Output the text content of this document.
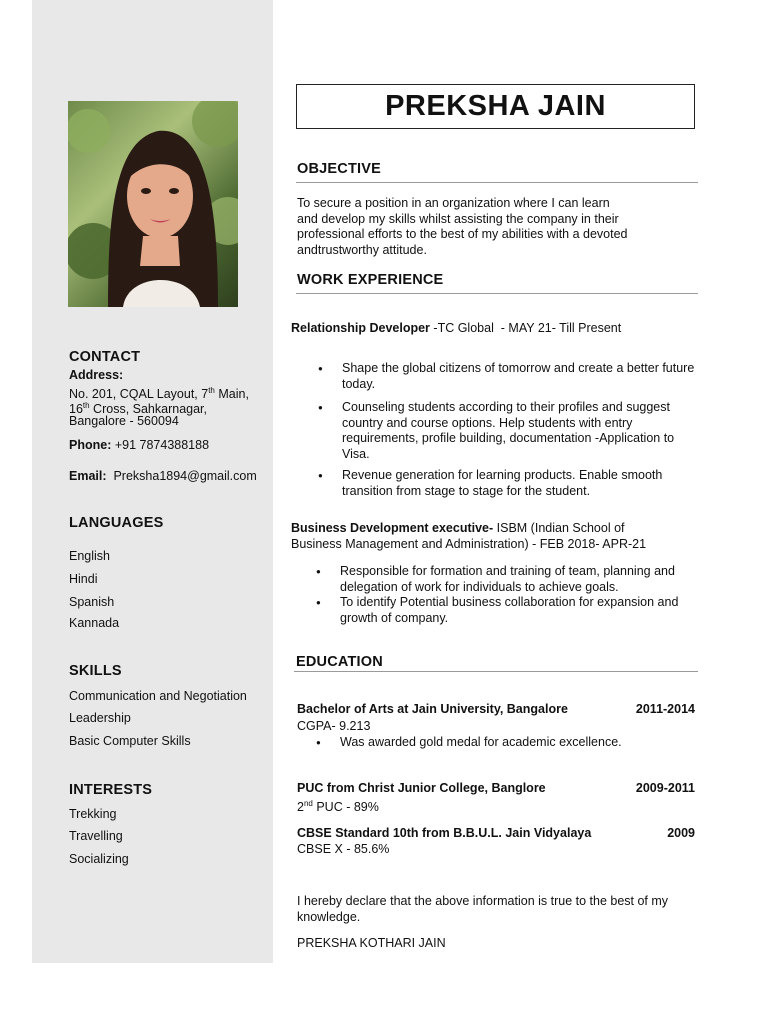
CONTACT
Address:
No. 201, CQAL Layout, 7th Main,
16th Cross, Sahkarnagar,
Bangalore - 560094
Phone: +91 7874388188
Email:  Preksha1894@gmail.com
LANGUAGES
English
Hindi
Spanish
Kannada
SKILLS
Communication and Negotiation
Leadership
Basic Computer Skills
INTERESTS
Trekking
Travelling
Socializing
PREKSHA JAIN
OBJECTIVE
To secure a position in an organization where I can learn
and develop my skills whilst assisting the company in their
professional efforts to the best of my abilities with a devoted
andtrustworthy attitude.
WORK EXPERIENCE
Relationship Developer -TC Global  - MAY 21- Till Present
● Shape the global citizens of tomorrow and create a better future
today.
● Counseling students according to their profiles and suggest
country and course options. Help students with entry
requirements, profile building, documentation -Application to
Visa.
● Revenue generation for learning products. Enable smooth
transition from stage to stage for the student.
Business Development executive- ISBM (Indian School of
Business Management and Administration) - FEB 2018- APR-21
● Responsible for formation and training of team, planning and
delegation of work for individuals to achieve goals.
● To identify Potential business collaboration for expansion and
growth of company.
EDUCATION
Bachelor of Arts at Jain University, Bangalore	2011-2014
CGPA- 9.213
● Was awarded gold medal for academic excellence.
PUC from Christ Junior College, Banglore	2009-2011
2nd PUC - 89%
CBSE Standard 10th from B.B.U.L. Jain Vidyalaya	2009
CBSE X - 85.6%
I hereby declare that the above information is true to the best of my
knowledge.
PREKSHA KOTHARI JAIN
